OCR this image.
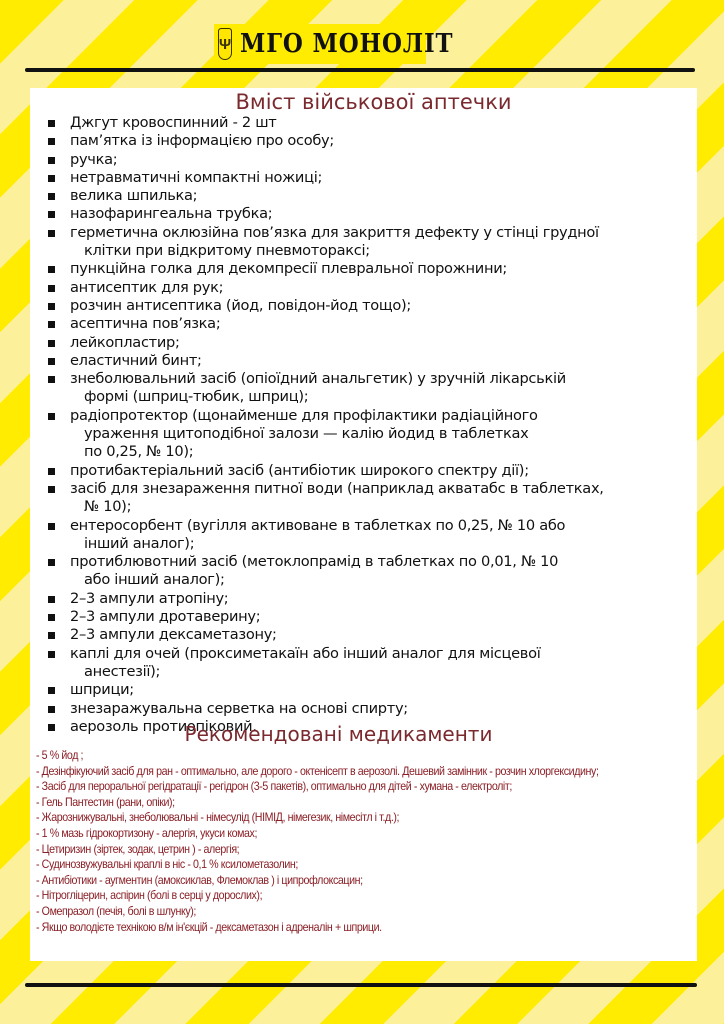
Ψ МГО МОНОЛІТ
Вміст військової аптечки
Джгут кровоспинний - 2 шт
пам’ятка із інформацією про особу;
ручка;
нетравматичні компактні ножиці;
велика шпилька;
назофарингеальна трубка;
герметична оклюзійна пов’язка для закриття дефекту у стінці грудної
клітки при відкритому пневмотораксі;
пункційна голка для декомпресії плевральної порожнини;
антисептик для рук;
розчин антисептика (йод, повідон-йод тощо);
асептична пов’язка;
лейкопластир;
еластичний бинт;
знеболювальний засіб (опіоїдний анальгетик) у зручній лікарській
формі (шприц-тюбик, шприц);
радіопротектор (щонайменше для профілактики радіаційного
ураження щитоподібної залози — калію йодид в таблетках
по 0,25, № 10);
протибактеріальний засіб (антибіотик широкого спектру дії);
засіб для знезараження питної води (наприклад акватабс в таблетках,
№ 10);
ентеросорбент (вугілля активоване в таблетках по 0,25, № 10 або
інший аналог);
протиблювотний засіб (метоклопрамід в таблетках по 0,01, № 10
або інший аналог);
2–3 ампули атропіну;
2–3 ампули дротаверину;
2–3 ампули дексаметазону;
каплі для очей (проксиметакаїн або інший аналог для місцевої
анестезії);
шприци;
знезаражувальна серветка на основі спирту;
аерозоль протиопіковий.
Рекомендовані медикаменти
- 5 % йод ;
- Дезінфікуючий засіб для ран - оптимально, але дорого - октенісепт в аерозолі. Дешевий замінник - розчин хлоргексидину;
- Засіб для пероральної регідратації - регідрон (3-5 пакетів), оптимально для дітей - хумана - електроліт;
- Гель Пантестин (рани, опіки);
- Жарознижувальні, знеболювальні - німесулід (НІМІД, німегезик, німесітл і т.д.);
- 1 % мазь гідрокортизону - алергія, укуси комах;
- Цетиризин (зіртек, зодак, цетрин ) - алергія;
- Судинозвужувальні краплі в ніс - 0,1 % ксилометазолин;
- Антибіотики - аугментин (амоксиклав, Флемоклав ) і ципрофлоксацин;
- Нітрогліцерин, аспірин (болі в серці у дорослих);
- Омепразол (печія, болі в шлунку);
- Якщо володієте технікою в/м ін'єкцій - дексаметазон і адреналін + шприци.
